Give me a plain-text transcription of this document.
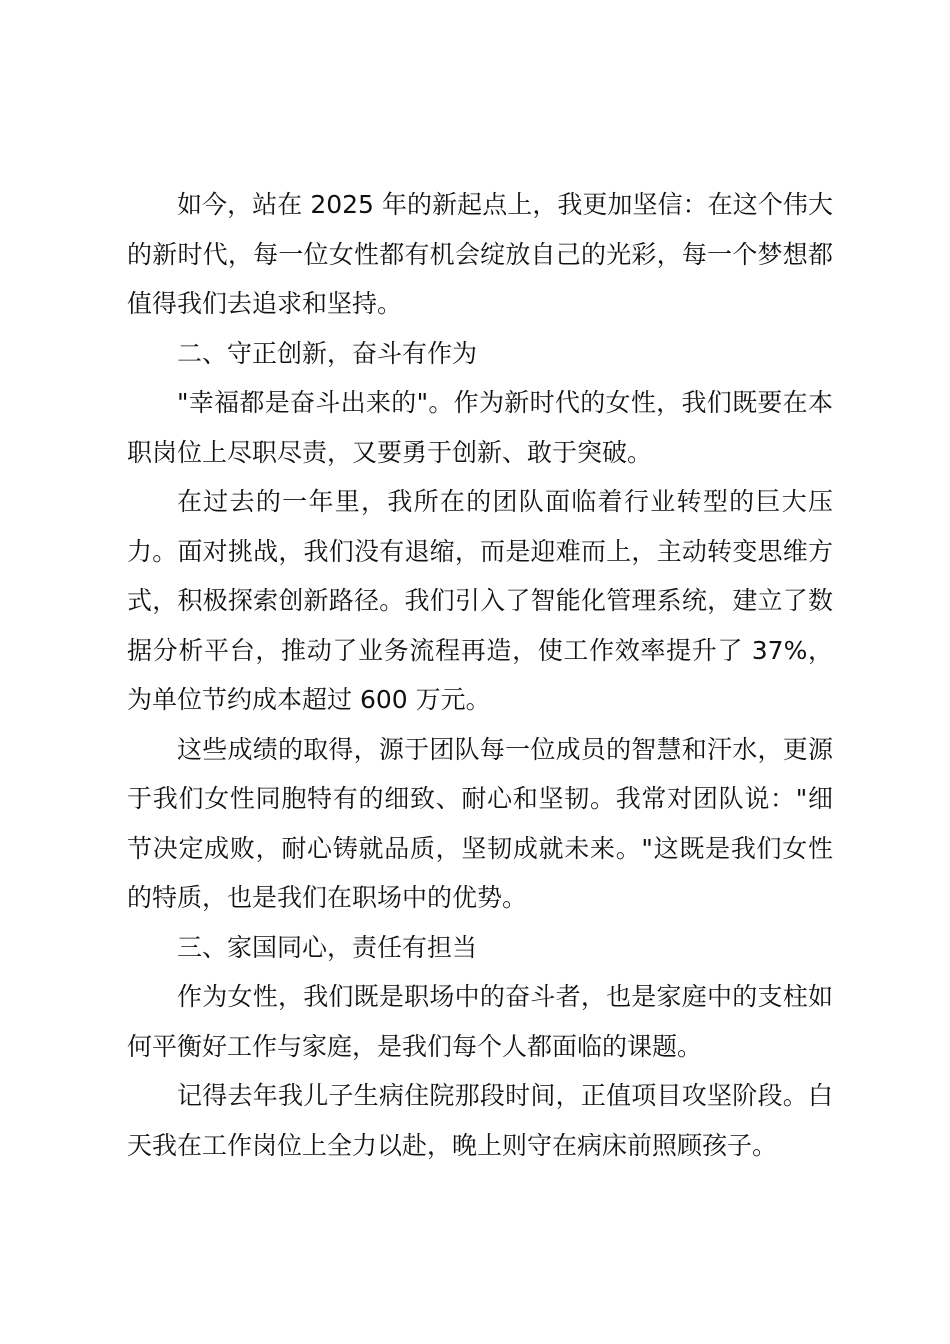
如今，站在 2025 年的新起点上，我更加坚信：在这个伟大的新时代，每一位女性都有机会绽放自己的光彩，每一个梦想都值得我们去追求和坚持。

二、守正创新，奋斗有作为

"幸福都是奋斗出来的"。作为新时代的女性，我们既要在本职岗位上尽职尽责，又要勇于创新、敢于突破。

在过去的一年里，我所在的团队面临着行业转型的巨大压力。面对挑战，我们没有退缩，而是迎难而上，主动转变思维方式，积极探索创新路径。我们引入了智能化管理系统，建立了数据分析平台，推动了业务流程再造，使工作效率提升了 37%，为单位节约成本超过 600 万元。

这些成绩的取得，源于团队每一位成员的智慧和汗水，更源于我们女性同胞特有的细致、耐心和坚韧。我常对团队说："细节决定成败，耐心铸就品质，坚韧成就未来。"这既是我们女性的特质，也是我们在职场中的优势。

三、家国同心，责任有担当

作为女性，我们既是职场中的奋斗者，也是家庭中的支柱如何平衡好工作与家庭，是我们每个人都面临的课题。

记得去年我儿子生病住院那段时间，正值项目攻坚阶段。白天我在工作岗位上全力以赴，晚上则守在病床前照顾孩子。
